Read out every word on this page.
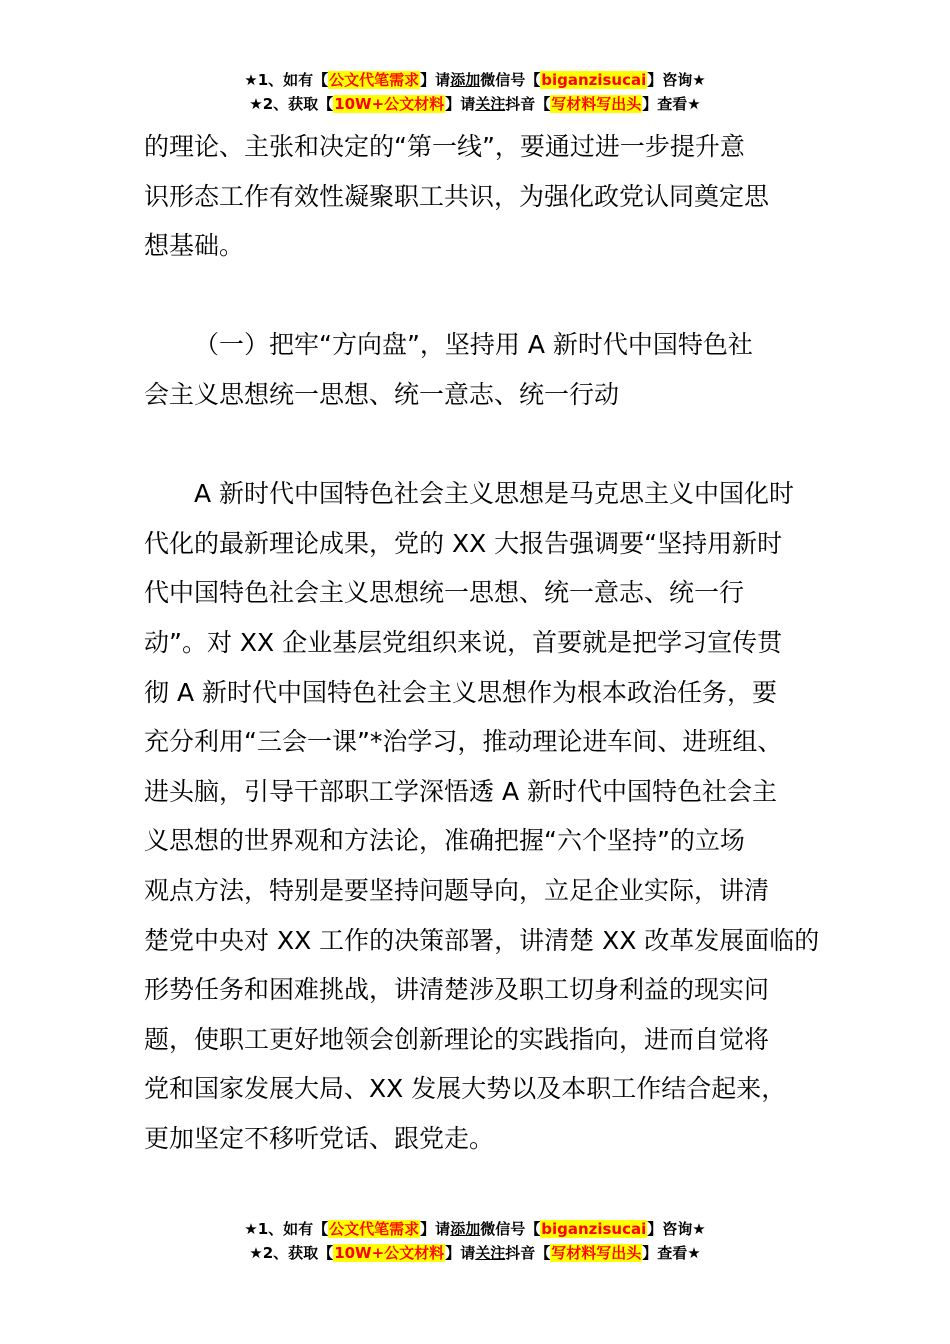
★1、如有【公文代笔需求】请添加微信号【biganzisucai】咨询★
★2、获取【10W+公文材料】请关注抖音【写材料写出头】查看★

的理论、主张和决定的“第一线”，要通过进一步提升意
识形态工作有效性凝聚职工共识，为强化政党认同奠定思
想基础。

（一）把牢“方向盘”，坚持用 A 新时代中国特色社
会主义思想统一思想、统一意志、统一行动

A 新时代中国特色社会主义思想是马克思主义中国化时
代化的最新理论成果，党的 XX 大报告强调要“坚持用新时
代中国特色社会主义思想统一思想、统一意志、统一行
动”。对 XX 企业基层党组织来说，首要就是把学习宣传贯
彻 A 新时代中国特色社会主义思想作为根本政治任务，要
充分利用“三会一课”*治学习，推动理论进车间、进班组、
进头脑，引导干部职工学深悟透 A 新时代中国特色社会主
义思想的世界观和方法论，准确把握“六个坚持”的立场
观点方法，特别是要坚持问题导向，立足企业实际，讲清
楚党中央对 XX 工作的决策部署，讲清楚 XX 改革发展面临的
形势任务和困难挑战，讲清楚涉及职工切身利益的现实问
题，使职工更好地领会创新理论的实践指向，进而自觉将
党和国家发展大局、XX 发展大势以及本职工作结合起来，
更加坚定不移听党话、跟党走。

★1、如有【公文代笔需求】请添加微信号【biganzisucai】咨询★
★2、获取【10W+公文材料】请关注抖音【写材料写出头】查看★
